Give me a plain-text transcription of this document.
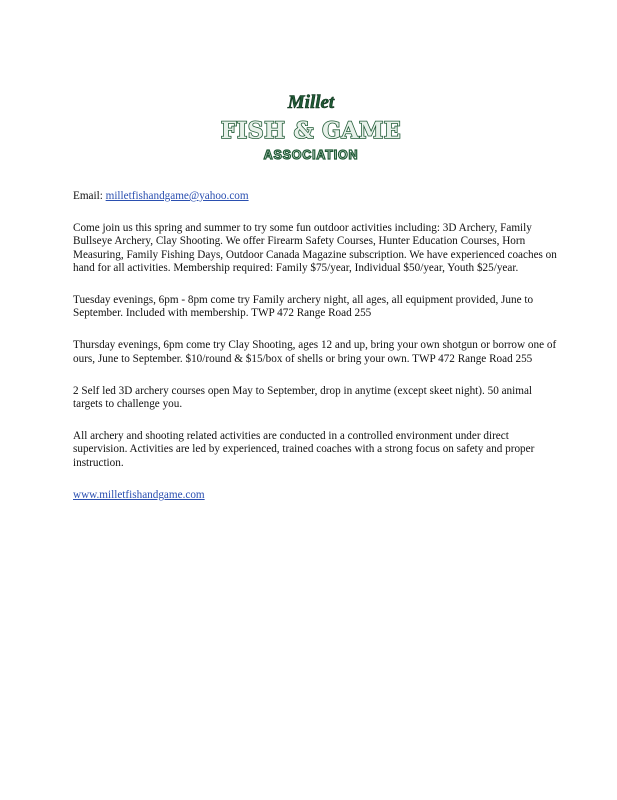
Millet
FISH & GAME
ASSOCIATION

Email: milletfishandgame@yahoo.com

Come join us this spring and summer to try some fun outdoor activities including: 3D Archery, Family Bullseye Archery, Clay Shooting. We offer Firearm Safety Courses, Hunter Education Courses, Horn Measuring, Family Fishing Days, Outdoor Canada Magazine subscription. We have experienced coaches on hand for all activities. Membership required: Family $75/year, Individual $50/year, Youth $25/year.

Tuesday evenings, 6pm - 8pm come try Family archery night, all ages, all equipment provided, June to September. Included with membership. TWP 472 Range Road 255

Thursday evenings, 6pm come try Clay Shooting, ages 12 and up, bring your own shotgun or borrow one of ours, June to September. $10/round & $15/box of shells or bring your own. TWP 472 Range Road 255

2 Self led 3D archery courses open May to September, drop in anytime (except skeet night). 50 animal targets to challenge you.

All archery and shooting related activities are conducted in a controlled environment under direct supervision. Activities are led by experienced, trained coaches with a strong focus on safety and proper instruction.

www.milletfishandgame.com
